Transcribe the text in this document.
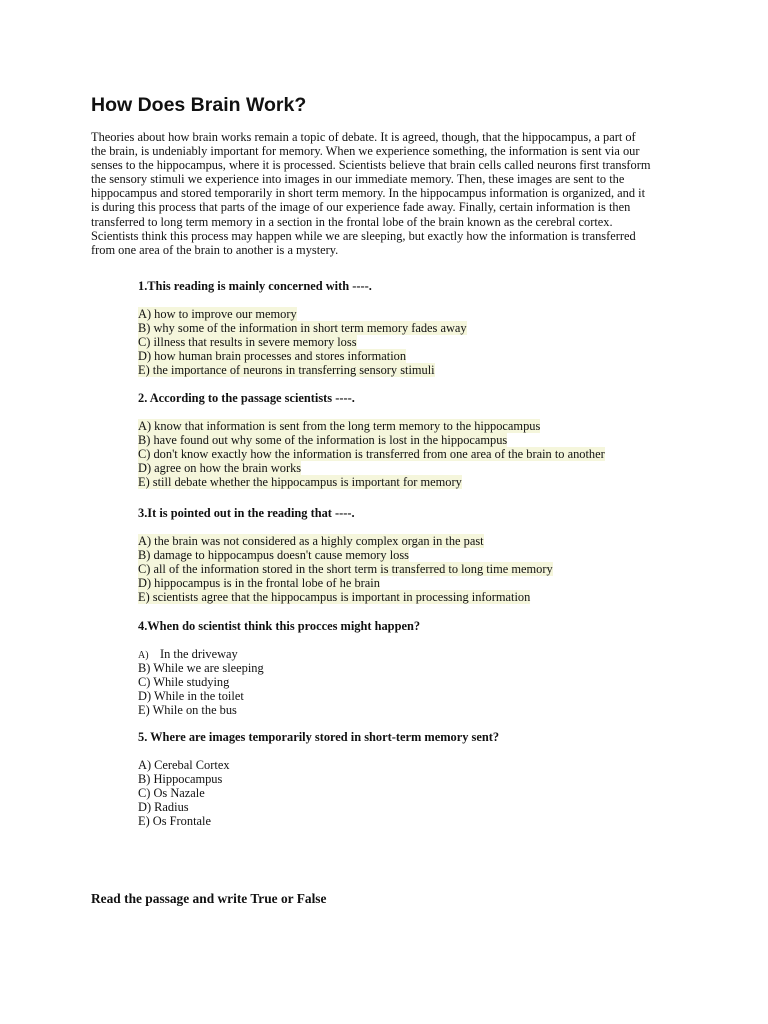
How Does Brain Work?

Theories about how brain works remain a topic of debate. It is agreed, though, that the hippocampus, a part of
the brain, is undeniably important for memory. When we experience something, the information is sent via our
senses to the hippocampus, where it is processed. Scientists believe that brain cells called neurons first transform
the sensory stimuli we experience into images in our immediate memory. Then, these images are sent to the
hippocampus and stored temporarily in short term memory. In the hippocampus information is organized, and it
is during this process that parts of the image of our experience fade away. Finally, certain information is then
transferred to long term memory in a section in the frontal lobe of the brain known as the cerebral cortex.
Scientists think this process may happen while we are sleeping, but exactly how the information is transferred
from one area of the brain to another is a mystery.

1.This reading is mainly concerned with ----.

A) how to improve our memory
B) why some of the information in short term memory fades away
C) illness that results in severe memory loss
D) how human brain processes and stores information
E) the importance of neurons in transferring sensory stimuli

2. According to the passage scientists ----.

A) know that information is sent from the long term memory to the hippocampus
B) have found out why some of the information is lost in the hippocampus
C) don't know exactly how the information is transferred from one area of the brain to another
D) agree on how the brain works
E) still debate whether the hippocampus is important for memory

3.It is pointed out in the reading that ----.

A) the brain was not considered as a highly complex organ in the past
B) damage to hippocampus doesn't cause memory loss
C) all of the information stored in the short term is transferred to long time memory
D) hippocampus is in the frontal lobe of he brain
E) scientists agree that the hippocampus is important in processing information

4.When do scientist think this procces might happen?

A) In the driveway
B) While we are sleeping
C) While studying
D) While in the toilet
E) While on the bus

5. Where are images temporarily stored in short-term memory sent?

A) Cerebal Cortex
B) Hippocampus
C) Os Nazale
D) Radius
E) Os Frontale

Read the passage and write True or False
